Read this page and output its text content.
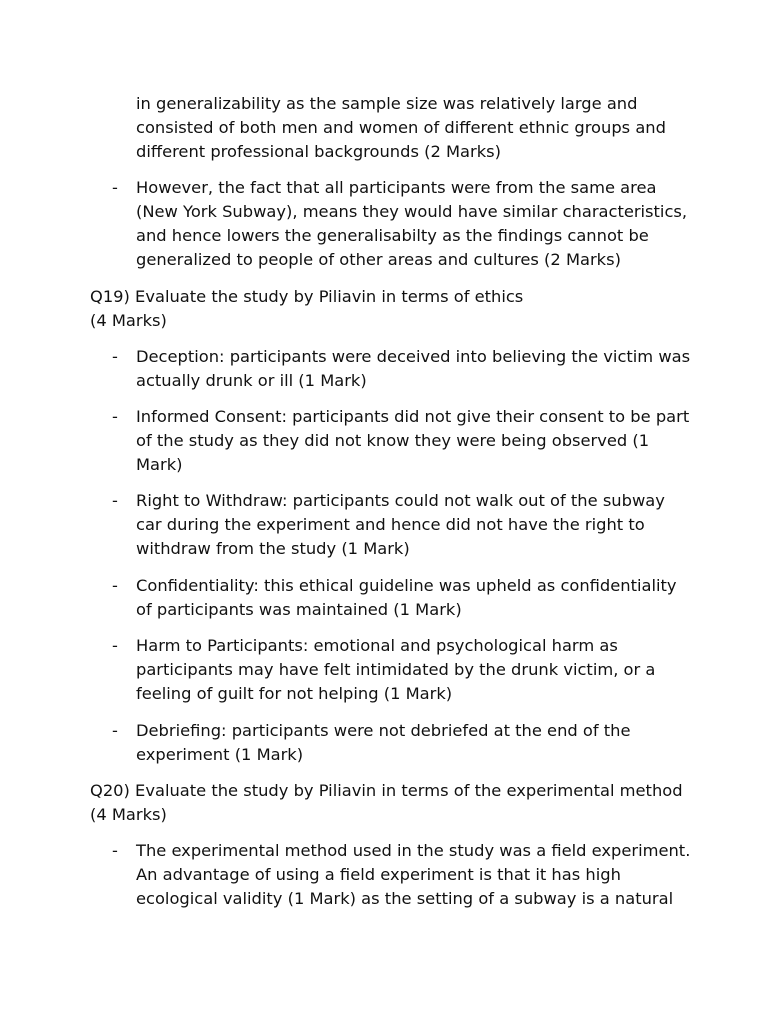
in generalizability as the sample size was relatively large and
consisted of both men and women of different ethnic groups and
different professional backgrounds (2 Marks)
-	However, the fact that all participants were from the same area
(New York Subway), means they would have similar characteristics,
and hence lowers the generalisabilty as the findings cannot be
generalized to people of other areas and cultures (2 Marks)
Q19) Evaluate the study by Piliavin in terms of ethics
(4 Marks)
-	Deception: participants were deceived into believing the victim was
actually drunk or ill (1 Mark)
-	Informed Consent: participants did not give their consent to be part
of the study as they did not know they were being observed (1
Mark)
-	Right to Withdraw: participants could not walk out of the subway
car during the experiment and hence did not have the right to
withdraw from the study (1 Mark)
-	Confidentiality: this ethical guideline was upheld as confidentiality
of participants was maintained (1 Mark)
-	Harm to Participants: emotional and psychological harm as
participants may have felt intimidated by the drunk victim, or a
feeling of guilt for not helping (1 Mark)
-	Debriefing: participants were not debriefed at the end of the
experiment (1 Mark)
Q20) Evaluate the study by Piliavin in terms of the experimental method
(4 Marks)
-	The experimental method used in the study was a field experiment.
An advantage of using a field experiment is that it has high
ecological validity (1 Mark) as the setting of a subway is a natural
